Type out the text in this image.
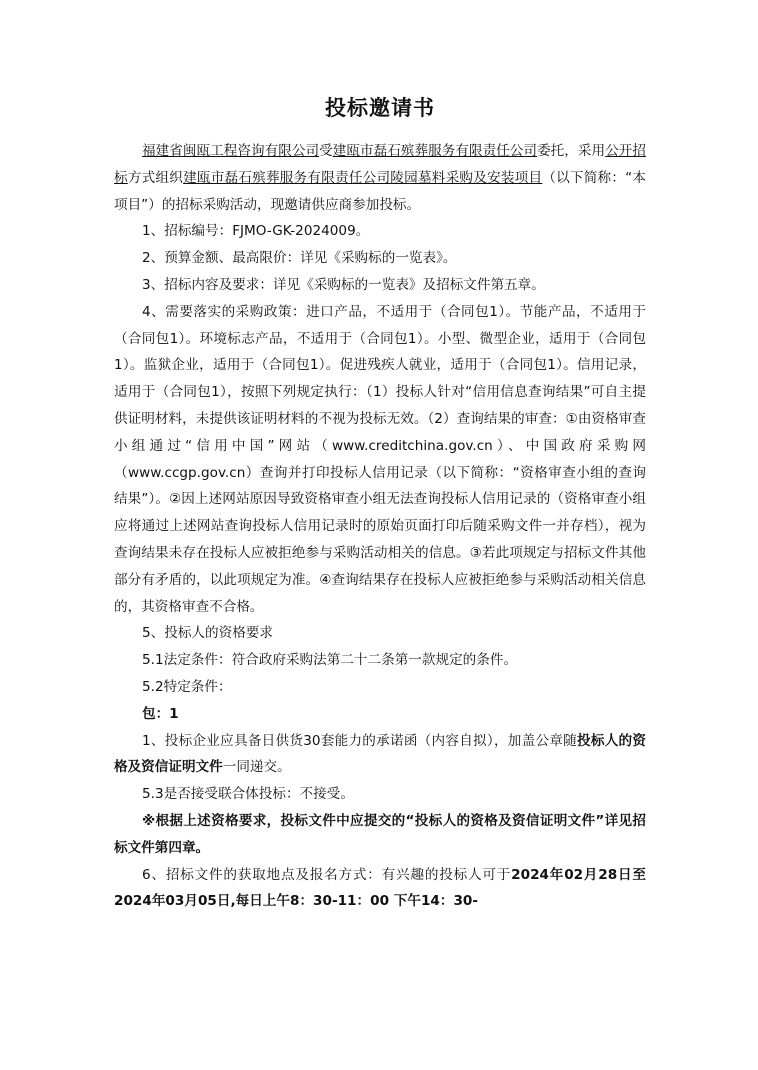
投标邀请书

福建省闽瓯工程咨询有限公司受建瓯市磊石殡葬服务有限责任公司委托，采用公开招标方式组织建瓯市磊石殡葬服务有限责任公司陵园墓料采购及安装项目（以下简称：“本项目”）的招标采购活动，现邀请供应商参加投标。

1、招标编号：FJMO-GK-2024009。

2、预算金额、最高限价：详见《采购标的一览表》。

3、招标内容及要求：详见《采购标的一览表》及招标文件第五章。

4、需要落实的采购政策：进口产品，不适用于（合同包1）。节能产品，不适用于（合同包1）。环境标志产品，不适用于（合同包1）。小型、微型企业，适用于（合同包1）。监狱企业，适用于（合同包1）。促进残疾人就业，适用于（合同包1）。信用记录，适用于（合同包1），按照下列规定执行：（1）投标人针对“信用信息查询结果”可自主提供证明材料，未提供该证明材料的不视为投标无效。（2）查询结果的审查：①由资格审查小组通过“信用中国”网站（www.creditchina.gov.cn）、中国政府采购网（www.ccgp.gov.cn）查询并打印投标人信用记录（以下简称：“资格审查小组的查询结果”）。②因上述网站原因导致资格审查小组无法查询投标人信用记录的（资格审查小组应将通过上述网站查询投标人信用记录时的原始页面打印后随采购文件一并存档），视为查询结果未存在投标人应被拒绝参与采购活动相关的信息。③若此项规定与招标文件其他部分有矛盾的，以此项规定为准。④查询结果存在投标人应被拒绝参与采购活动相关信息的，其资格审查不合格。

5、投标人的资格要求

5.1法定条件：符合政府采购法第二十二条第一款规定的条件。

5.2特定条件：

包：1

1、投标企业应具备日供货30套能力的承诺函（内容自拟），加盖公章随投标人的资格及资信证明文件一同递交。

5.3是否接受联合体投标：不接受。

※根据上述资格要求，投标文件中应提交的“投标人的资格及资信证明文件”详见招标文件第四章。

6、招标文件的获取地点及报名方式：有兴趣的投标人可于2024年02月28日至2024年03月05日,每日上午8：30-11：00 下午14：30-
